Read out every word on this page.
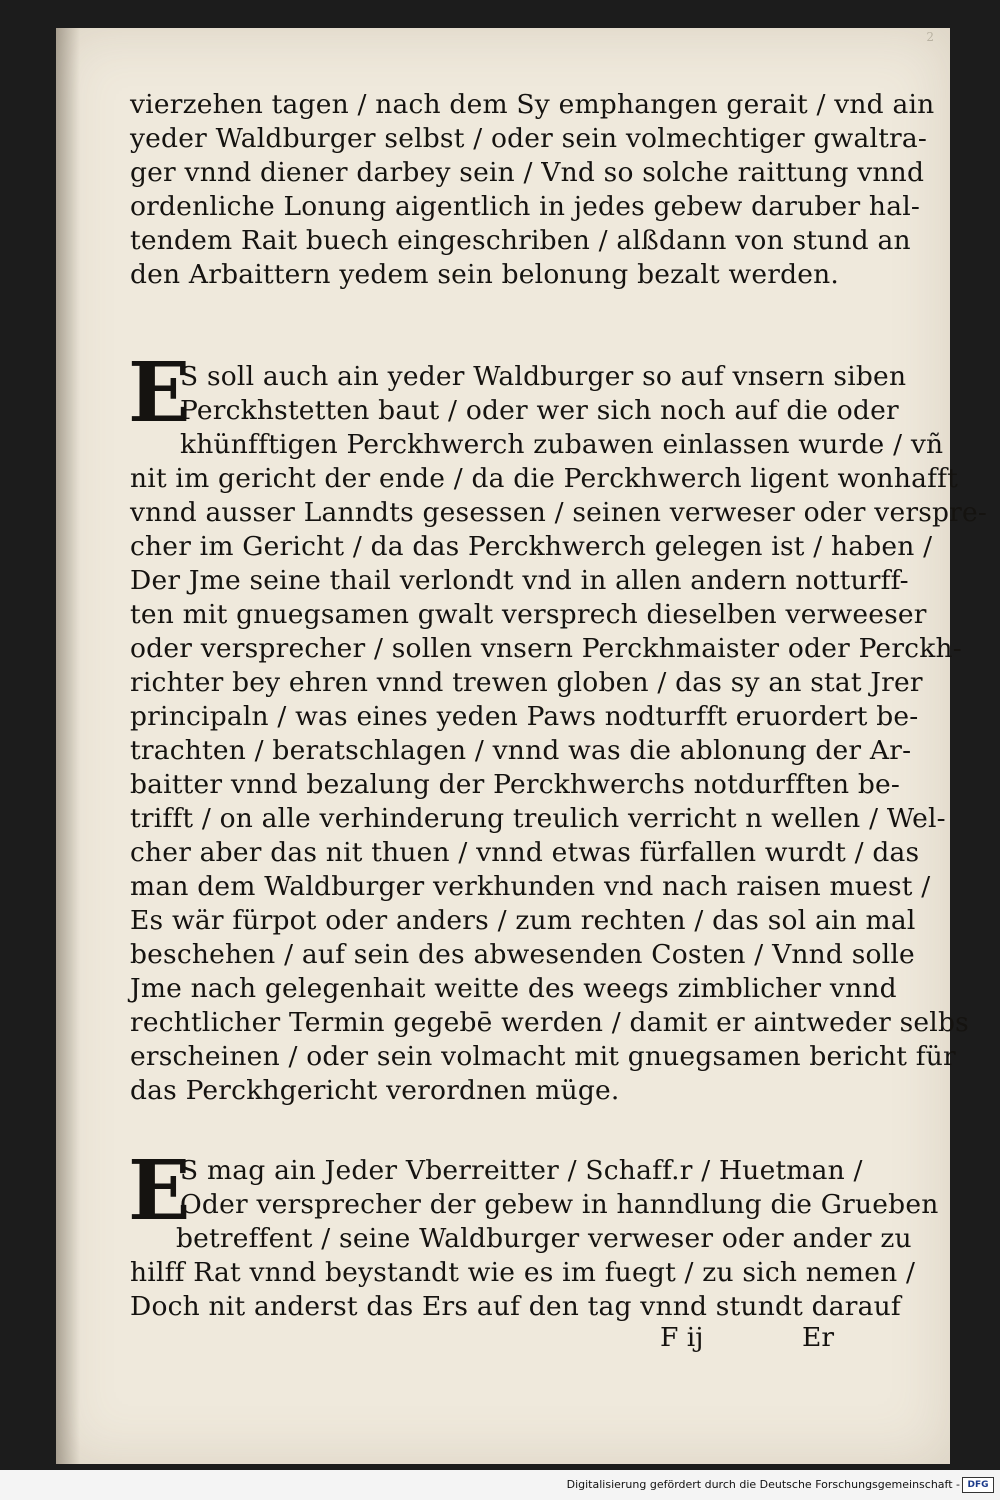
2
vierzehen tagen / nach dem Sy emphangen gerait / vnd ain
yeder Waldburger selbst / oder sein volmechtiger gwaltra-
ger vnnd diener darbey sein / Vnd so solche raittung vnnd
ordenliche Lonung aigentlich in jedes gebew daruber hal-
tendem Rait buech eingeschriben / alßdann von stund an
den Arbaittern yedem sein belonung bezalt werden.
E
S soll auch ain yeder Waldburger so auf vnsern siben
Perckhstetten baut / oder wer sich noch auf die oder
khünfftigen Perckhwerch zubawen einlassen wurde / vñ
nit im gericht der ende / da die Perckhwerch ligent wonhafft
vnnd ausser Lanndts gesessen / seinen verweser oder verspre-
cher im Gericht / da das Perckhwerch gelegen ist / haben /
Der Jme seine thail verlondt vnd in allen andern notturff-
ten mit gnuegsamen gwalt versprech dieselben verweeser
oder versprecher / sollen vnsern Perckhmaister oder Perckh-
richter bey ehren vnnd trewen globen / das sy an stat Jrer
principaln / was eines yeden Paws nodturfft eruordert be-
trachten / beratschlagen / vnnd was die ablonung der Ar-
baitter vnnd bezalung der Perckhwerchs notdurfften be-
trifft / on alle verhinderung treulich verricht n wellen / Wel-
cher aber das nit thuen / vnnd etwas fürfallen wurdt / das
man dem Waldburger verkhunden vnd nach raisen muest /
Es wär fürpot oder anders / zum rechten / das sol ain mal
beschehen / auf sein des abwesenden Costen / Vnnd solle
Jme nach gelegenhait weitte des weegs zimblicher vnnd
rechtlicher Termin gegebē werden / damit er aintweder selbs
erscheinen / oder sein volmacht mit gnuegsamen bericht für
das Perckhgericht verordnen müge.
E
S mag ain Jeder Vberreitter / Schaff.r / Huetman /
Oder versprecher der gebew in hanndlung die Grueben
betreffent / seine Waldburger verweser oder ander zu
hilff Rat vnnd beystandt wie es im fuegt / zu sich nemen /
Doch nit anderst das Ers auf den tag vnnd stundt darauf
F ij	Er
Digitalisierung gefördert durch die Deutsche Forschungsgemeinschaft - DFG
